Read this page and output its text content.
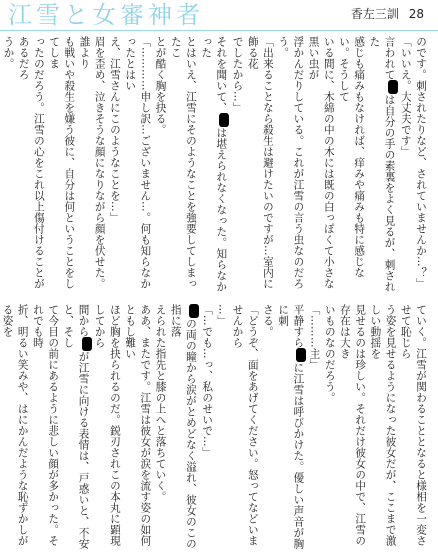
江雪と女審神者	香左三訓 28

のです。刺されたりなど、されていませんか…？」

「いいえ。大丈夫です」

言われては自分の手の素裏をよく見るが、刺された

感じも痛みもなければ、痒みや痛みも特に感じない。そうして

いる間に、木綿の中の木には既の白っぽくて小さな黒い虫が

浮かんだりしている。これが江雪の言う虫なのだろう。

「出来ることなら殺生は避けたいのですが…室内に飾る花

でしたから…」

それを聞いて、は堪えられなくなった。知らなかった

とはいえ、江雪にそのようなことを強要してしまったこ

とが酷く胸を抉る。

「…………申し訳…ございません…。何も知らなかったとはい

え、江雪さんにこのようなことを…」

眉を歪め、泣きそうな顔になりながら顔を伏せた。誰より

も戦いや殺生を嫌う彼に、自分は何ということをしてしま

ったのだろう。江雪の心をこれ以上傷付けることがあるだろ

うか。

ていく。江雪が関わることとなると様相を一変させて恥じら

う姿を見せるようになった彼女だが、ここまで激しい動揺を

見せるのは珍しい。それだけ彼女の中で、江雪の存在は大き

いものなのだろう。

「………主」

平静すらに江雪は呼びかけた。優しい声音が胸に刺

さる。

「どうぞ、面をあげてください。怒ってなどいませんから

…」

「…でも…っ、私のせいで…」

の両の瞳から涙がとめどなく溢れ、彼女のこの指に落

えられた指先と膝の上へと落ちていく。

ああ、またです。江雪は彼女が涙を流す姿の如何ともし難い

ほど胸を抉られるのだ。鋭刃されこの本丸に顕現してから

間からが江雪に向ける表情は、戸惑いと、不安と、そし

て今目の前にあるように悲しい顔が多かった。それでも時

折、明るい笑みや、はにかんだような恥ずかしがる姿を
